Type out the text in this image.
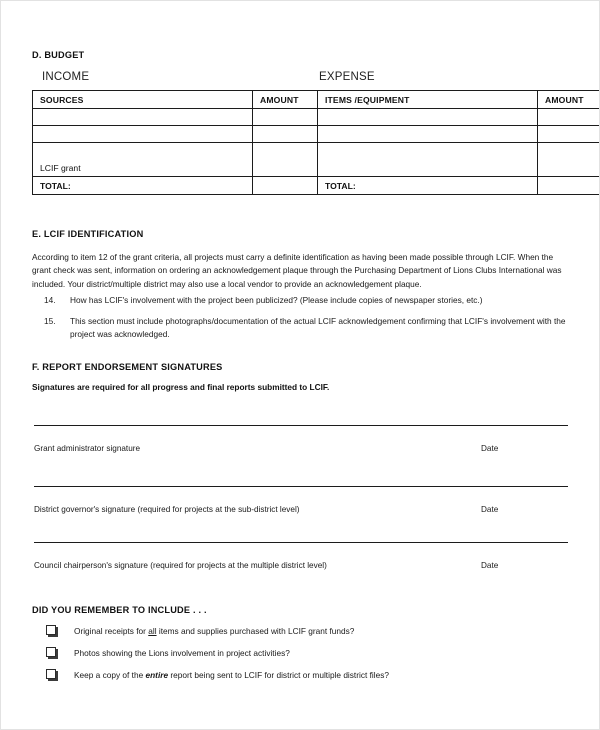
D. BUDGET
INCOME	EXPENSE
SOURCES	AMOUNT	ITEMS /EQUIPMENT	AMOUNT

LCIF grant			
TOTAL:		TOTAL:	
E. LCIF IDENTIFICATION
According to item 12 of the grant criteria, all projects must carry a definite identification as having been made possible through LCIF. When the grant check was sent, information on ordering an acknowledgement plaque through the Purchasing Department of Lions Clubs International was included. Your district/multiple district may also use a local vendor to provide an acknowledgement plaque.
14.	How has LCIF's involvement with the project been publicized? (Please include copies of newspaper stories, etc.)
15.	This section must include photographs/documentation of the actual LCIF acknowledgement confirming that LCIF's involvement with the project was acknowledged.
F. REPORT ENDORSEMENT SIGNATURES
Signatures are required for all progress and final reports submitted to LCIF.
Grant administrator signature	Date
District governor's signature (required for projects at the sub-district level)	Date
Council chairperson's signature (required for projects at the multiple district level)	Date
DID YOU REMEMBER TO INCLUDE . . .
Original receipts for all items and supplies purchased with LCIF grant funds?
Photos showing the Lions involvement in project activities?
Keep a copy of the entire report being sent to LCIF for district or multiple district files?
